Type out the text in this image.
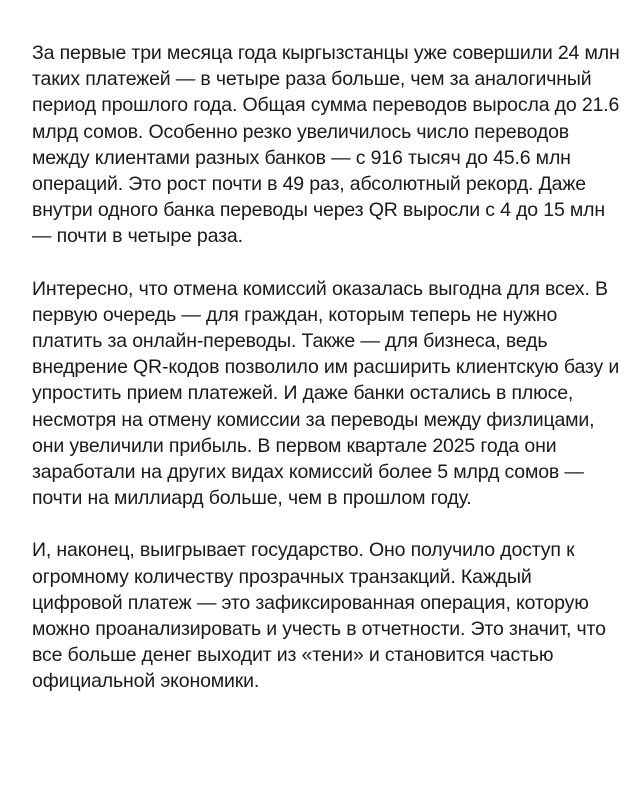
За первые три месяца года кыргызстанцы уже совершили 24 млн таких платежей — в четыре раза больше, чем за аналогичный период прошлого года. Общая сумма переводов выросла до 21.6 млрд сомов. Особенно резко увеличилось число переводов между клиентами разных банков — с 916 тысяч до 45.6 млн операций. Это рост почти в 49 раз, абсолютный рекорд. Даже внутри одного банка переводы через QR выросли с 4 до 15 млн — почти в четыре раза.

Интересно, что отмена комиссий оказалась выгодна для всех. В первую очередь — для граждан, которым теперь не нужно платить за онлайн-переводы. Также — для бизнеса, ведь внедрение QR-кодов позволило им расширить клиентскую базу и упростить прием платежей. И даже банки остались в плюсе, несмотря на отмену комиссии за переводы между физлицами, они увеличили прибыль. В первом квартале 2025 года они заработали на других видах комиссий более 5 млрд сомов — почти на миллиард больше, чем в прошлом году.

И, наконец, выигрывает государство. Оно получило доступ к огромному количеству прозрачных транзакций. Каждый цифровой платеж — это зафиксированная операция, которую можно проанализировать и учесть в отчетности. Это значит, что все больше денег выходит из «тени» и становится частью официальной экономики.
